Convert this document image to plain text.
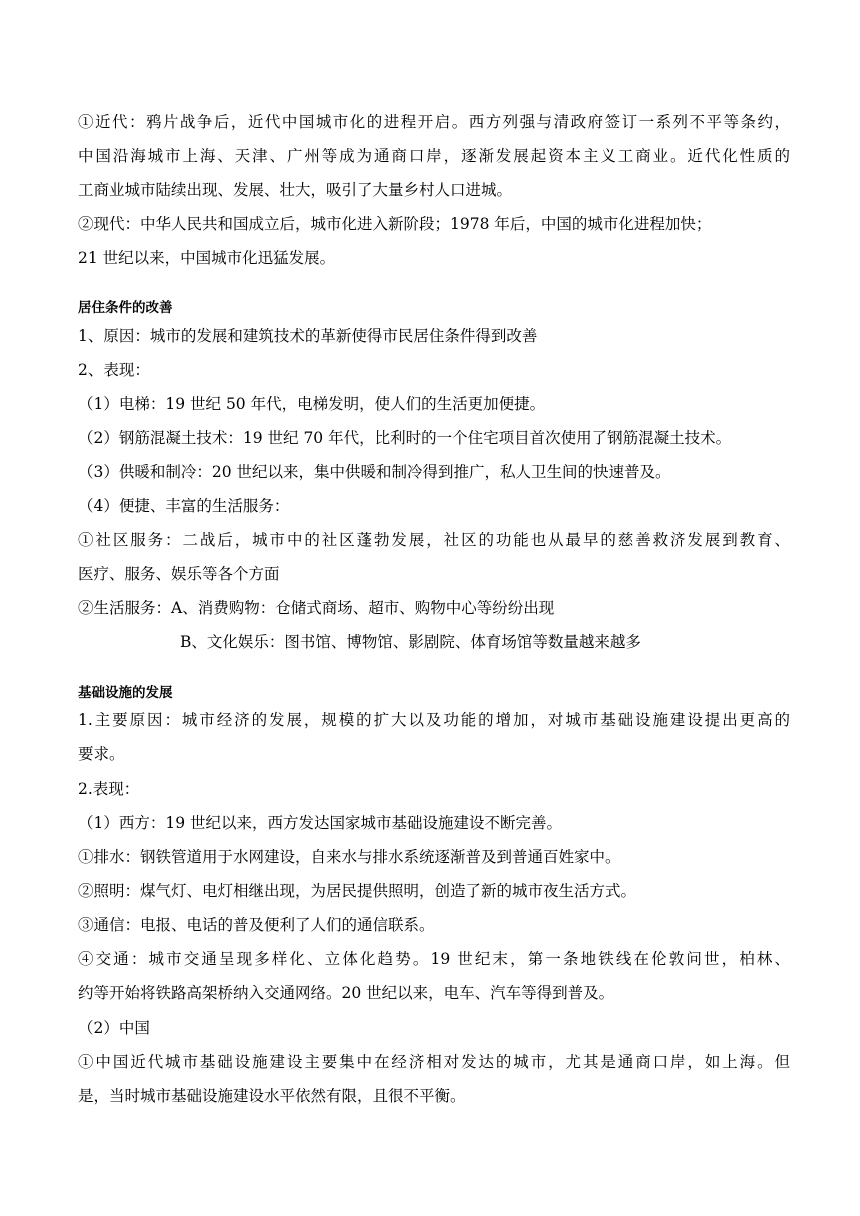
①近代：鸦片战争后，近代中国城市化的进程开启。西方列强与清政府签订一系列不平等条约，
中国沿海城市上海、天津、广州等成为通商口岸，逐渐发展起资本主义工商业。近代化性质的
工商业城市陆续出现、发展、壮大，吸引了大量乡村人口进城。
②现代：中华人民共和国成立后，城市化进入新阶段；1978 年后，中国的城市化进程加快；
21 世纪以来，中国城市化迅猛发展。
居住条件的改善
1、原因：城市的发展和建筑技术的革新使得市民居住条件得到改善
2、表现：
（1）电梯：19 世纪 50 年代，电梯发明，使人们的生活更加便捷。
（2）钢筋混凝土技术：19 世纪 70 年代，比利时的一个住宅项目首次使用了钢筋混凝土技术。
（3）供暖和制冷：20 世纪以来，集中供暖和制冷得到推广，私人卫生间的快速普及。
（4）便捷、丰富的生活服务：
①社区服务：二战后，城市中的社区蓬勃发展，社区的功能也从最早的慈善救济发展到教育、
医疗、服务、娱乐等各个方面
②生活服务：A、消费购物：仓储式商场、超市、购物中心等纷纷出现
B、文化娱乐：图书馆、博物馆、影剧院、体育场馆等数量越来越多
基础设施的发展
1.主要原因：城市经济的发展，规模的扩大以及功能的增加，对城市基础设施建设提出更高的
要求。
2.表现：
（1）西方：19 世纪以来，西方发达国家城市基础设施建设不断完善。
①排水：钢铁管道用于水网建设，自来水与排水系统逐渐普及到普通百姓家中。
②照明：煤气灯、电灯相继出现，为居民提供照明，创造了新的城市夜生活方式。
③通信：电报、电话的普及便利了人们的通信联系。
④交通：城市交通呈现多样化、立体化趋势。19 世纪末，第一条地铁线在伦敦问世，柏林、
约等开始将铁路高架桥纳入交通网络。20 世纪以来，电车、汽车等得到普及。
（2）中国
①中国近代城市基础设施建设主要集中在经济相对发达的城市，尤其是通商口岸，如上海。但
是，当时城市基础设施建设水平依然有限，且很不平衡。
